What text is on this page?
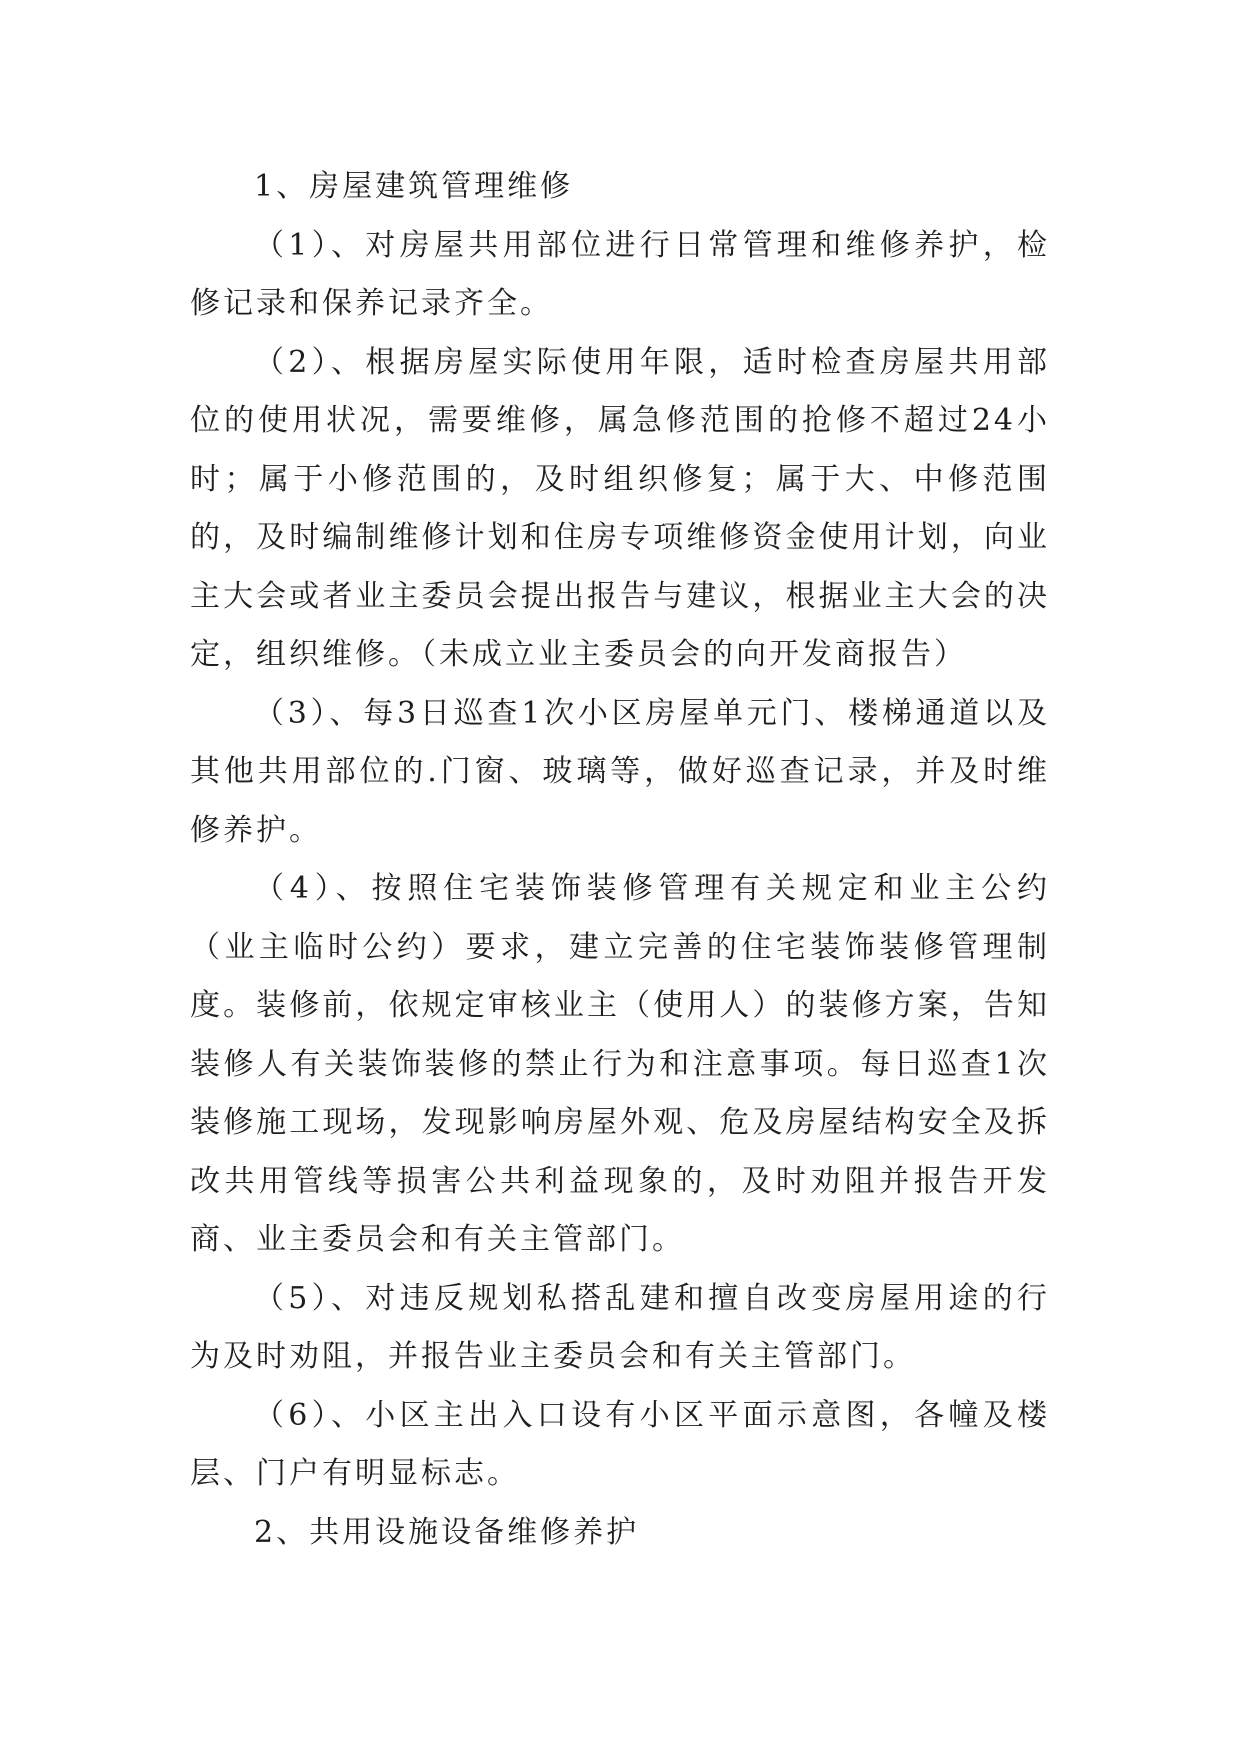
1、房屋建筑管理维修

（1）、对房屋共用部位进行日常管理和维修养护，检修记录和保养记录齐全。

（2）、根据房屋实际使用年限，适时检查房屋共用部位的使用状况，需要维修，属急修范围的抢修不超过24小时；属于小修范围的，及时组织修复；属于大、中修范围的，及时编制维修计划和住房专项维修资金使用计划，向业主大会或者业主委员会提出报告与建议，根据业主大会的决定，组织维修。（未成立业主委员会的向开发商报告）

（3）、每3日巡查1次小区房屋单元门、楼梯通道以及其他共用部位的.门窗、玻璃等，做好巡查记录，并及时维修养护。

（4）、按照住宅装饰装修管理有关规定和业主公约（业主临时公约）要求，建立完善的住宅装饰装修管理制度。装修前，依规定审核业主（使用人）的装修方案，告知装修人有关装饰装修的禁止行为和注意事项。每日巡查1次装修施工现场，发现影响房屋外观、危及房屋结构安全及拆改共用管线等损害公共利益现象的，及时劝阻并报告开发商、业主委员会和有关主管部门。

（5）、对违反规划私搭乱建和擅自改变房屋用途的行为及时劝阻，并报告业主委员会和有关主管部门。

（6）、小区主出入口设有小区平面示意图，各幢及楼层、门户有明显标志。

2、共用设施设备维修养护
